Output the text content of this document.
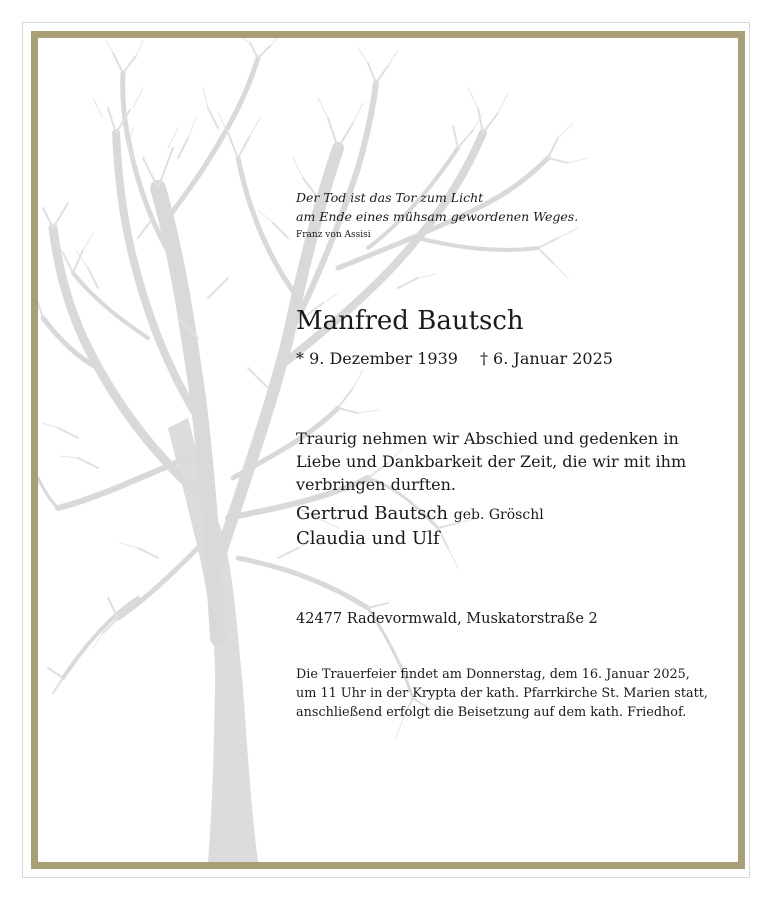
Der Tod ist das Tor zum Licht
am Ende eines mühsam gewordenen Weges.
Franz von Assisi
Manfred Bautsch
* 9. Dezember 1939 † 6. Januar 2025
Traurig nehmen wir Abschied und gedenken in
Liebe und Dankbarkeit der Zeit, die wir mit ihm
verbringen durften.
Gertrud Bautsch geb. Gröschl
Claudia und Ulf
42477 Radevormwald, Muskatorstraße 2
Die Trauerfeier findet am Donnerstag, dem 16. Januar 2025,
um 11 Uhr in der Krypta der kath. Pfarrkirche St. Marien statt,
anschließend erfolgt die Beisetzung auf dem kath. Friedhof.
